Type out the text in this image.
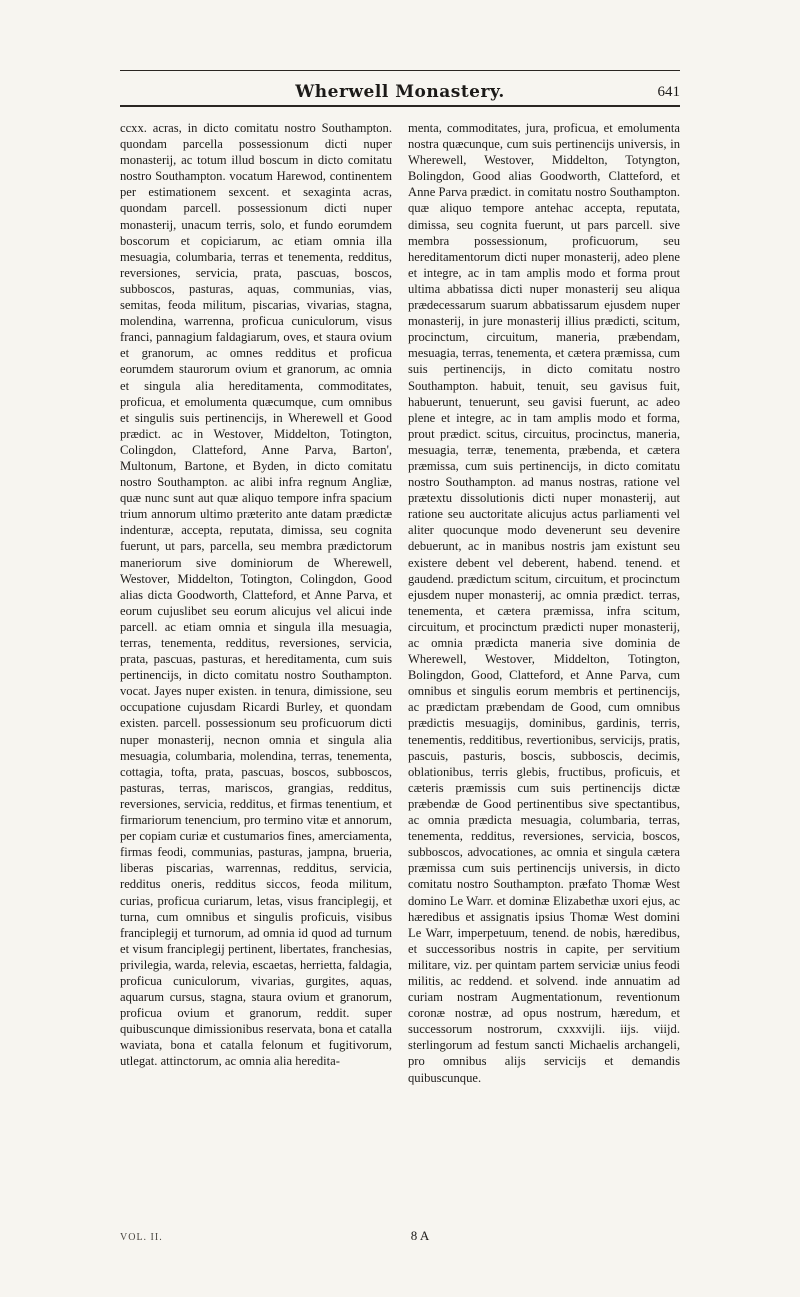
Wherwell Monastery.	641

ccxx. acras, in dicto comitatu nostro Southampton. quondam parcella possessionum dicti nuper monasterij, ac totum illud boscum in dicto comitatu nostro Southampton. vocatum Harewod, continentem per estimationem sexcent. et sexaginta acras, quondam parcell. possessionum dicti nuper monasterij, unacum terris, solo, et fundo eorumdem boscorum et copiciarum, ac etiam omnia illa mesuagia, columbaria, terras et tenementa, redditus, reversiones, servicia, prata, pascuas, boscos, subboscos, pasturas, aquas, communias, vias, semitas, feoda militum, piscarias, vivarias, stagna, molendina, warrenna, proficua cuniculorum, visus franci, pannagium faldagiarum, oves, et staura ovium et granorum, ac omnes redditus et proficua eorumdem staurorum ovium et granorum, ac omnia et singula alia hereditamenta, commoditates, proficua, et emolumenta quæcumque, cum omnibus et singulis suis pertinencijs, in Wherewell et Good prædict. ac in Westover, Middelton, Totington, Colingdon, Clatteford, Anne Parva, Barton', Multonum, Bartone, et Byden, in dicto comitatu nostro Southampton. ac alibi infra regnum Angliæ, quæ nunc sunt aut quæ aliquo tempore infra spacium trium annorum ultimo præterito ante datam prædictæ indenturæ, accepta, reputata, dimissa, seu cognita fuerunt, ut pars, parcella, seu membra prædictorum maneriorum sive dominiorum de Wherewell, Westover, Middelton, Totington, Colingdon, Good alias dicta Goodworth, Clatteford, et Anne Parva, et eorum cujuslibet seu eorum alicujus vel alicui inde parcell. ac etiam omnia et singula illa mesuagia, terras, tenementa, redditus, reversiones, servicia, prata, pascuas, pasturas, et hereditamenta, cum suis pertinencijs, in dicto comitatu nostro Southampton. vocat. Jayes nuper existen. in tenura, dimissione, seu occupatione cujusdam Ricardi Burley, et quondam existen. parcell. possessionum seu proficuorum dicti nuper monasterij, necnon omnia et singula alia mesuagia, columbaria, molendina, terras, tenementa, cottagia, tofta, prata, pascuas, boscos, subboscos, pasturas, terras, mariscos, grangias, redditus, reversiones, servicia, redditus, et firmas tenentium, et firmariorum tenencium, pro termino vitæ et annorum, per copiam curiæ et custumarios fines, amerciamenta, firmas feodi, communias, pasturas, jampna, brueria, liberas piscarias, warrennas, redditus, servicia, redditus oneris, redditus siccos, feoda militum, curias, proficua curiarum, letas, visus franciplegij, et turna, cum omnibus et singulis proficuis, visibus franciplegij et turnorum, ad omnia id quod ad turnum et visum franciplegij pertinent, libertates, franchesias, privilegia, warda, relevia, escaetas, herrietta, faldagia, proficua cuniculorum, vivarias, gurgites, aquas, aquarum cursus, stagna, staura ovium et granorum, proficua ovium et granorum, reddit. super quibuscunque dimissionibus reservata, bona et catalla waviata, bona et catalla felonum et fugitivorum, utlegat. attinctorum, ac omnia alia heredita-

menta, commoditates, jura, proficua, et emolumenta nostra quæcunque, cum suis pertinencijs universis, in Wherewell, Westover, Middelton, Totyngton, Bolingdon, Good alias Goodworth, Clatteford, et Anne Parva prædict. in comitatu nostro Southampton. quæ aliquo tempore antehac accepta, reputata, dimissa, seu cognita fuerunt, ut pars parcell. sive membra possessionum, proficuorum, seu hereditamentorum dicti nuper monasterij, adeo plene et integre, ac in tam amplis modo et forma prout ultima abbatissa dicti nuper monasterij seu aliqua prædecessarum suarum abbatissarum ejusdem nuper monasterij, in jure monasterij illius prædicti, scitum, procinctum, circuitum, maneria, præbendam, mesuagia, terras, tenementa, et cætera præmissa, cum suis pertinencijs, in dicto comitatu nostro Southampton. habuit, tenuit, seu gavisus fuit, habuerunt, tenuerunt, seu gavisi fuerunt, ac adeo plene et integre, ac in tam amplis modo et forma, prout prædict. scitus, circuitus, procinctus, maneria, mesuagia, terræ, tenementa, præbenda, et cætera præmissa, cum suis pertinencijs, in dicto comitatu nostro Southampton. ad manus nostras, ratione vel prætextu dissolutionis dicti nuper monasterij, aut ratione seu auctoritate alicujus actus parliamenti vel aliter quocunque modo devenerunt seu devenire debuerunt, ac in manibus nostris jam existunt seu existere debent vel deberent, habend. tenend. et gaudend. prædictum scitum, circuitum, et procinctum ejusdem nuper monasterij, ac omnia prædict. terras, tenementa, et cætera præmissa, infra scitum, circuitum, et procinctum prædicti nuper monasterij, ac omnia prædicta maneria sive dominia de Wherewell, Westover, Middelton, Totington, Bolingdon, Good, Clatteford, et Anne Parva, cum omnibus et singulis eorum membris et pertinencijs, ac prædictam præbendam de Good, cum omnibus prædictis mesuagijs, dominibus, gardinis, terris, tenementis, redditibus, revertionibus, servicijs, pratis, pascuis, pasturis, boscis, subboscis, decimis, oblationibus, terris glebis, fructibus, proficuis, et cæteris præmissis cum suis pertinencijs dictæ præbendæ de Good pertinentibus sive spectantibus, ac omnia prædicta mesuagia, columbaria, terras, tenementa, redditus, reversiones, servicia, boscos, subboscos, advocationes, ac omnia et singula cætera præmissa cum suis pertinencijs universis, in dicto comitatu nostro Southampton. præfato Thomæ West domino Le Warr. et dominæ Elizabethæ uxori ejus, ac hæredibus et assignatis ipsius Thomæ West domini Le Warr, imperpetuum, tenend. de nobis, hæredibus, et successoribus nostris in capite, per servitium militare, viz. per quintam partem serviciæ unius feodi militis, ac reddend. et solvend. inde annuatim ad curiam nostram Augmentationum, reventionum coronæ nostræ, ad opus nostrum, hæredum, et successorum nostrorum, cxxxvijli. iijs. viijd. sterlingorum ad festum sancti Michaelis archangeli, pro omnibus alijs servicijs et demandis quibuscunque.

VOL. II.	8 A
